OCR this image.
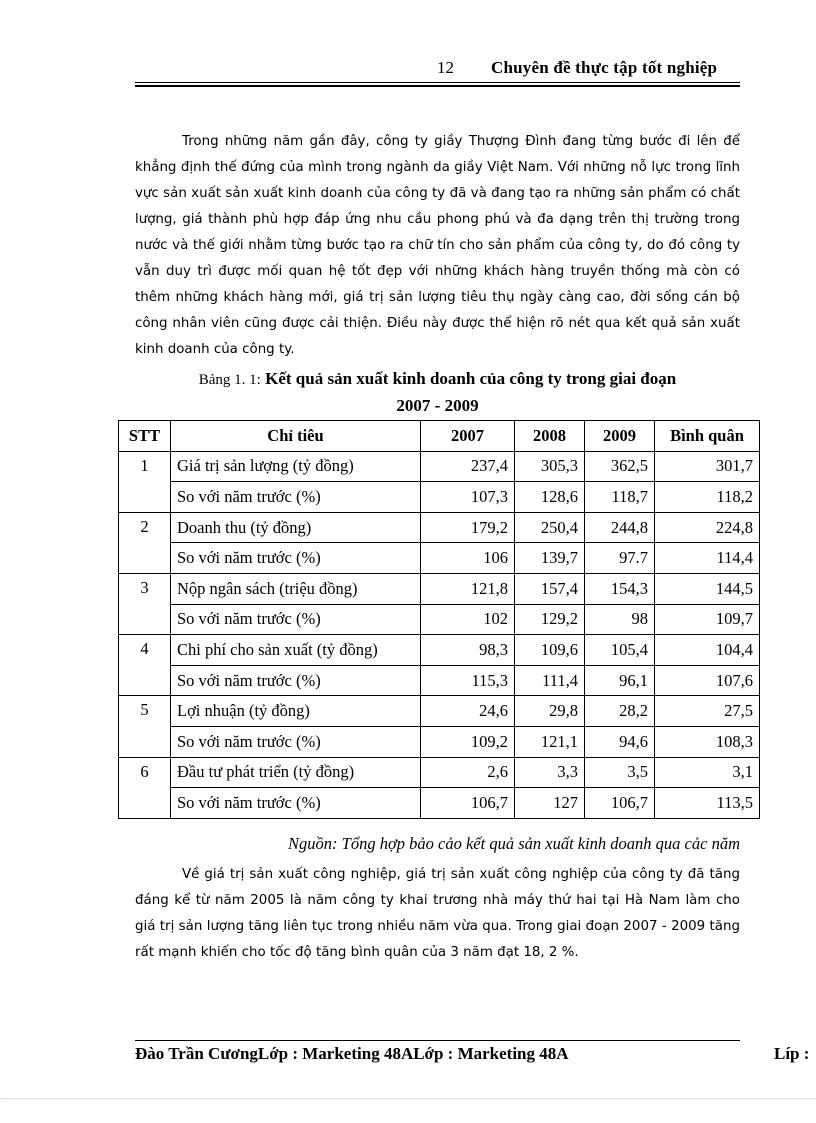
12 Chuyên đề thực tập tốt nghiệp
Trong những năm gần đây, công ty giầy Thượng Đình đang từng bước đi lên để khẳng định thế đứng của mình trong ngành da giầy Việt Nam. Với những nỗ lực trong lĩnh vực sản xuất sản xuất kinh doanh của công ty đã và đang tạo ra những sản phẩm có chất lượng, giá thành phù hợp đáp ứng nhu cầu phong phú và đa dạng trên thị trường trong nước và thế giới nhằm từng bước tạo ra chữ tín cho sản phẩm của công ty, do đó công ty vẫn duy trì được mối quan hệ tốt đẹp với những khách hàng truyền thống mà còn có thêm những khách hàng mới, giá trị sản lượng tiêu thụ ngày càng cao, đời sống cán bộ công nhân viên cũng được cải thiện. Điều này được thể hiện rõ nét qua kết quả sản xuất kinh doanh của công ty.
Bảng 1. 1: Kết quả sản xuất kinh doanh của công ty trong giai đoạn
2007 - 2009
STT	Chỉ tiêu	2007	2008	2009	Bình quân
1	Giá trị sản lượng (tỷ đồng)	237,4	305,3	362,5	301,7
	So với năm trước (%)	107,3	128,6	118,7	118,2
2	Doanh thu (tỷ đồng)	179,2	250,4	244,8	224,8
	So với năm trước (%)	106	139,7	97.7	114,4
3	Nộp ngân sách (triệu đồng)	121,8	157,4	154,3	144,5
	So với năm trước (%)	102	129,2	98	109,7
4	Chi phí cho sản xuất (tỷ đồng)	98,3	109,6	105,4	104,4
	So với năm trước (%)	115,3	111,4	96,1	107,6
5	Lợi nhuận (tỷ đồng)	24,6	29,8	28,2	27,5
	So với năm trước (%)	109,2	121,1	94,6	108,3
6	Đầu tư phát triển (tỷ đồng)	2,6	3,3	3,5	3,1
	So với năm trước (%)	106,7	127	106,7	113,5
Nguồn: Tổng hợp bảo cảo kết quả sản xuất kinh doanh qua cảc năm
Về giá trị sản xuất công nghiệp, giá trị sản xuất công nghiệp của công ty đã tăng đáng kể từ năm 2005 là năm công ty khai trương nhà máy thứ hai tại Hà Nam làm cho giá trị sản lượng tăng liên tục trong nhiều năm vừa qua. Trong giai đoạn 2007 - 2009 tăng rất mạnh khiến cho tốc độ tăng bình quân của 3 năm đạt 18, 2 %.
Đào Trần CươngLớp : Marketing 48ALớp : Marketing 48A	Líp :
